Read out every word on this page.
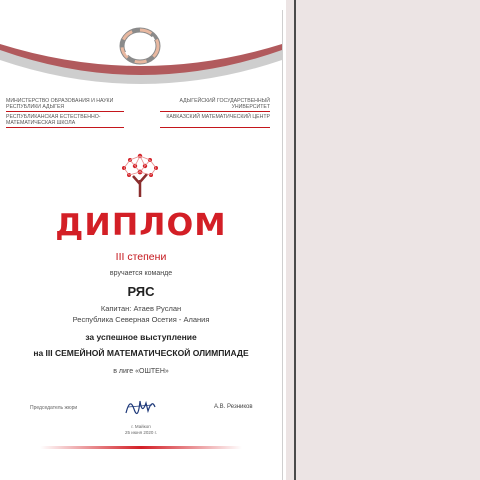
МИНИСТЕРСТВО ОБРАЗОВАНИЯ И НАУКИ РЕСПУБЛИКИ АДЫГЕЯ
РЕСПУБЛИКАНСКАЯ ЕСТЕСТВЕННО-МАТЕМАТИЧЕСКАЯ ШКОЛА
АДЫГЕЙСКИЙ ГОСУДАРСТВЕННЫЙ УНИВЕРСИТЕТ
КАВКАЗСКИЙ МАТЕМАТИЧЕСКИЙ ЦЕНТР
ДИПЛОМ
III степени
вручается команде
РЯС
Капитан: Атаев Руслан
Республика Северная Осетия - Алания
за успешное выступление
на III СЕМЕЙНОЙ МАТЕМАТИЧЕСКОЙ ОЛИМПИАДЕ
в лиге «ОШТЕН»
Председатель жюри	А.В. Резников
г. Майкоп
25 июня 2020 г.
